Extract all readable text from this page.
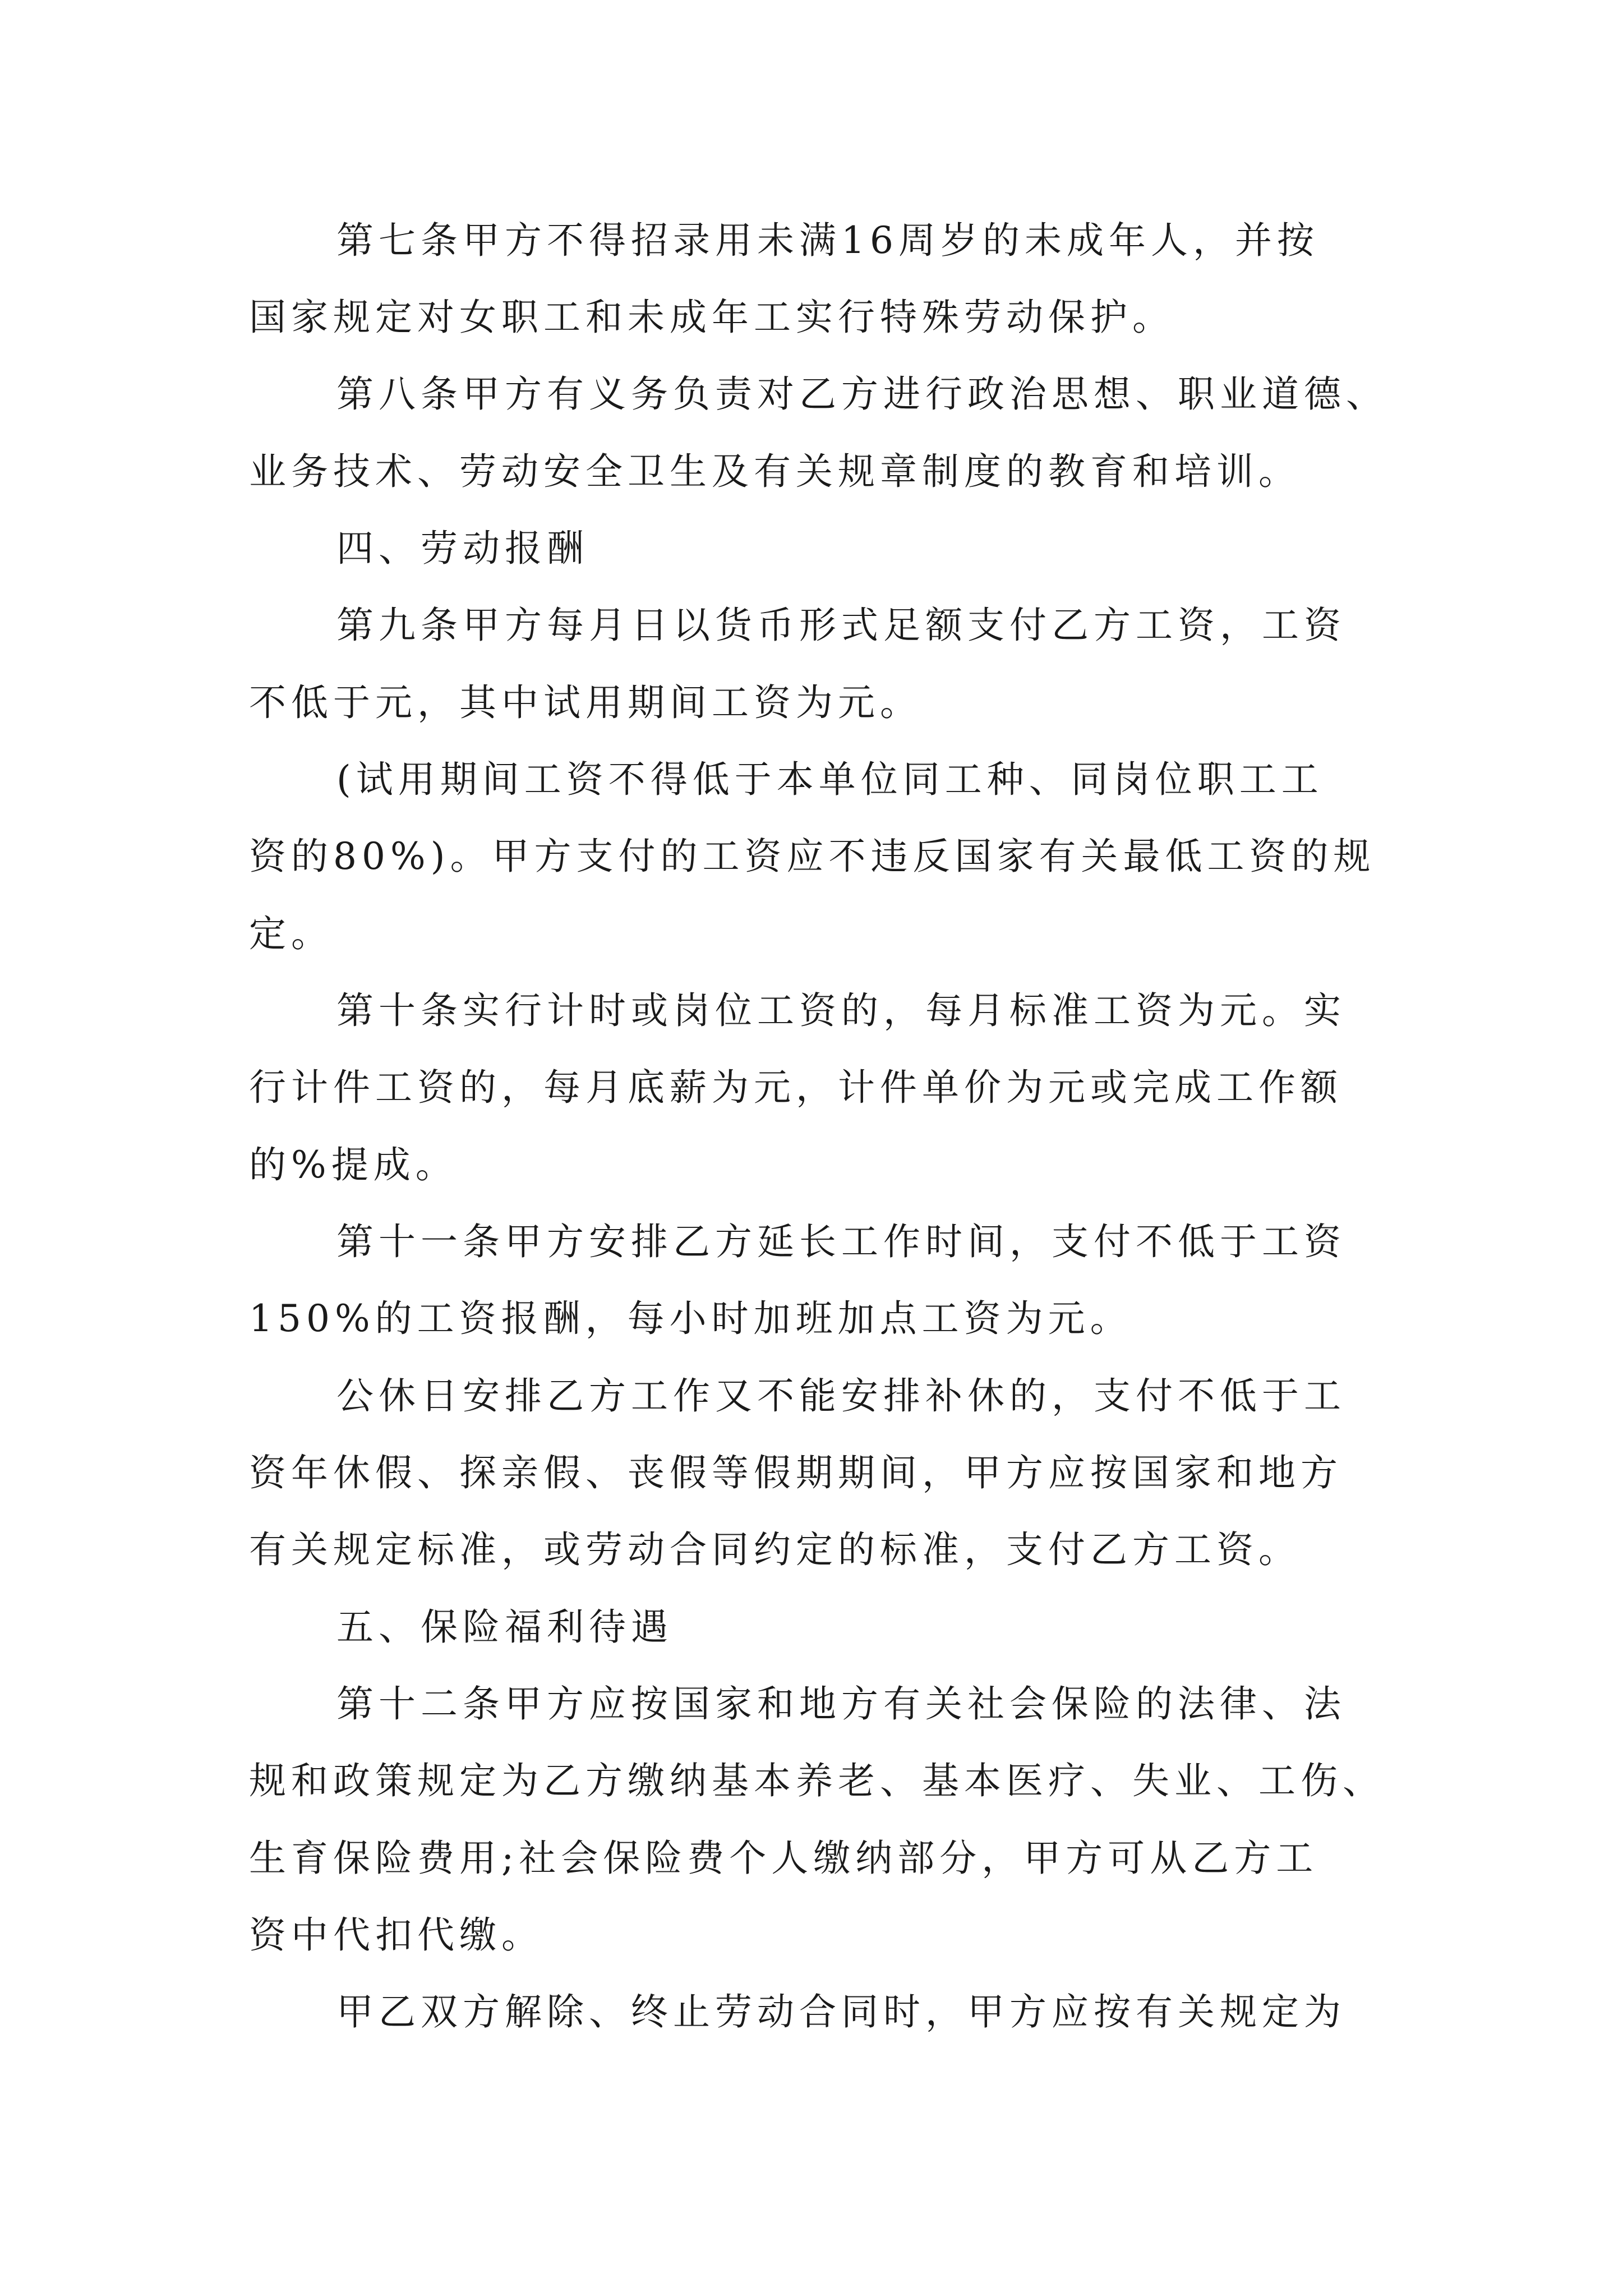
第七条甲方不得招录用未满16周岁的未成年人，并按
国家规定对女职工和未成年工实行特殊劳动保护。
第八条甲方有义务负责对乙方进行政治思想、职业道德、
业务技术、劳动安全卫生及有关规章制度的教育和培训。
四、劳动报酬
第九条甲方每月日以货币形式足额支付乙方工资，工资
不低于元，其中试用期间工资为元。
(试用期间工资不得低于本单位同工种、同岗位职工工
资的80%)。甲方支付的工资应不违反国家有关最低工资的规
定。
第十条实行计时或岗位工资的，每月标准工资为元。实
行计件工资的，每月底薪为元，计件单价为元或完成工作额
的%提成。
第十一条甲方安排乙方延长工作时间，支付不低于工资
150%的工资报酬，每小时加班加点工资为元。
公休日安排乙方工作又不能安排补休的，支付不低于工
资年休假、探亲假、丧假等假期期间，甲方应按国家和地方
有关规定标准，或劳动合同约定的标准，支付乙方工资。
五、保险福利待遇
第十二条甲方应按国家和地方有关社会保险的法律、法
规和政策规定为乙方缴纳基本养老、基本医疗、失业、工伤、
生育保险费用;社会保险费个人缴纳部分，甲方可从乙方工
资中代扣代缴。
甲乙双方解除、终止劳动合同时，甲方应按有关规定为
